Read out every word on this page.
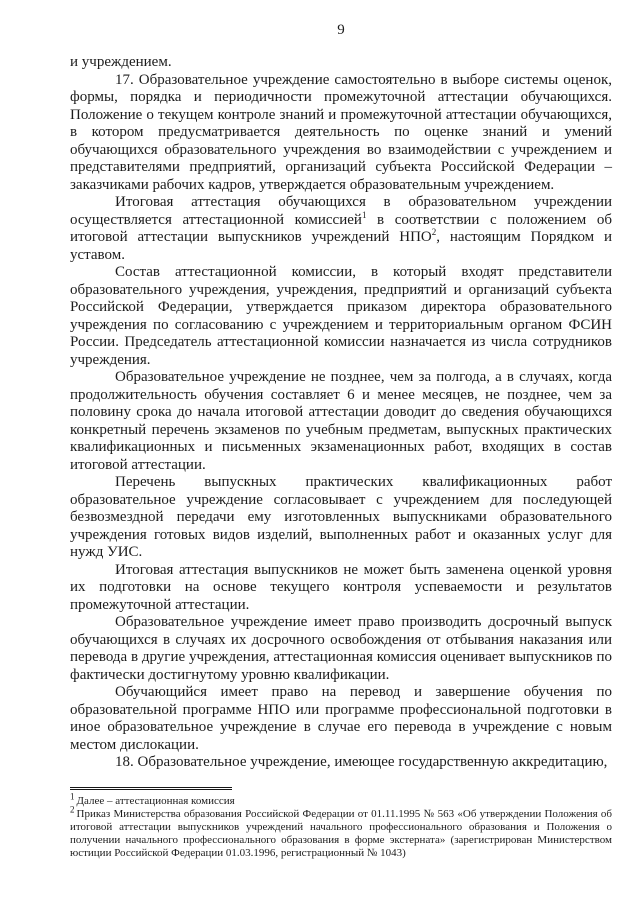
9

и учреждением.

17. Образовательное учреждение самостоятельно в выборе системы оценок, формы, порядка и периодичности промежуточной аттестации обучающихся. Положение о текущем контроле знаний и промежуточной аттестации обучающихся, в котором предусматривается деятельность по оценке знаний и умений обучающихся образовательного учреждения во взаимодействии с учреждением и представителями предприятий, организаций субъекта Российской Федерации – заказчиками рабочих кадров, утверждается образовательным учреждением.

Итоговая аттестация обучающихся в образовательном учреждении осуществляется аттестационной комиссией$^1$ в соответствии с положением об итоговой аттестации выпускников учреждений НПО$^2$, настоящим Порядком и уставом.

Состав аттестационной комиссии, в который входят представители образовательного учреждения, учреждения, предприятий и организаций субъекта Российской Федерации, утверждается приказом директора образовательного учреждения по согласованию с учреждением и территориальным органом ФСИН России. Председатель аттестационной комиссии назначается из числа сотрудников учреждения.

Образовательное учреждение не позднее, чем за полгода, а в случаях, когда продолжительность обучения составляет 6 и менее месяцев, не позднее, чем за половину срока до начала итоговой аттестации доводит до сведения обучающихся конкретный перечень экзаменов по учебным предметам, выпускных практических квалификационных и письменных экзаменационных работ, входящих в состав итоговой аттестации.

Перечень выпускных практических квалификационных работ образовательное учреждение согласовывает с учреждением для последующей безвозмездной передачи ему изготовленных выпускниками образовательного учреждения готовых видов изделий, выполненных работ и оказанных услуг для нужд УИС.

Итоговая аттестация выпускников не может быть заменена оценкой уровня их подготовки на основе текущего контроля успеваемости и результатов промежуточной аттестации.

Образовательное учреждение имеет право производить досрочный выпуск обучающихся в случаях их досрочного освобождения от отбывания наказания или перевода в другие учреждения, аттестационная комиссия оценивает выпускников по фактически достигнутому уровню квалификации.

Обучающийся имеет право на перевод и завершение обучения по образовательной программе НПО или программе профессиональной подготовки в иное образовательное учреждение в случае его перевода в учреждение с новым местом дислокации.

18. Образовательное учреждение, имеющее государственную аккредитацию,

$^1$ Далее – аттестационная комиссия

$^2$ Приказ Министерства образования Российской Федерации от 01.11.1995 № 563 «Об утверждении Положения об итоговой аттестации выпускников учреждений начального профессионального образования и Положения о получении начального профессионального образования в форме экстерната» (зарегистрирован Министерством юстиции Российской Федерации 01.03.1996, регистрационный № 1043)
